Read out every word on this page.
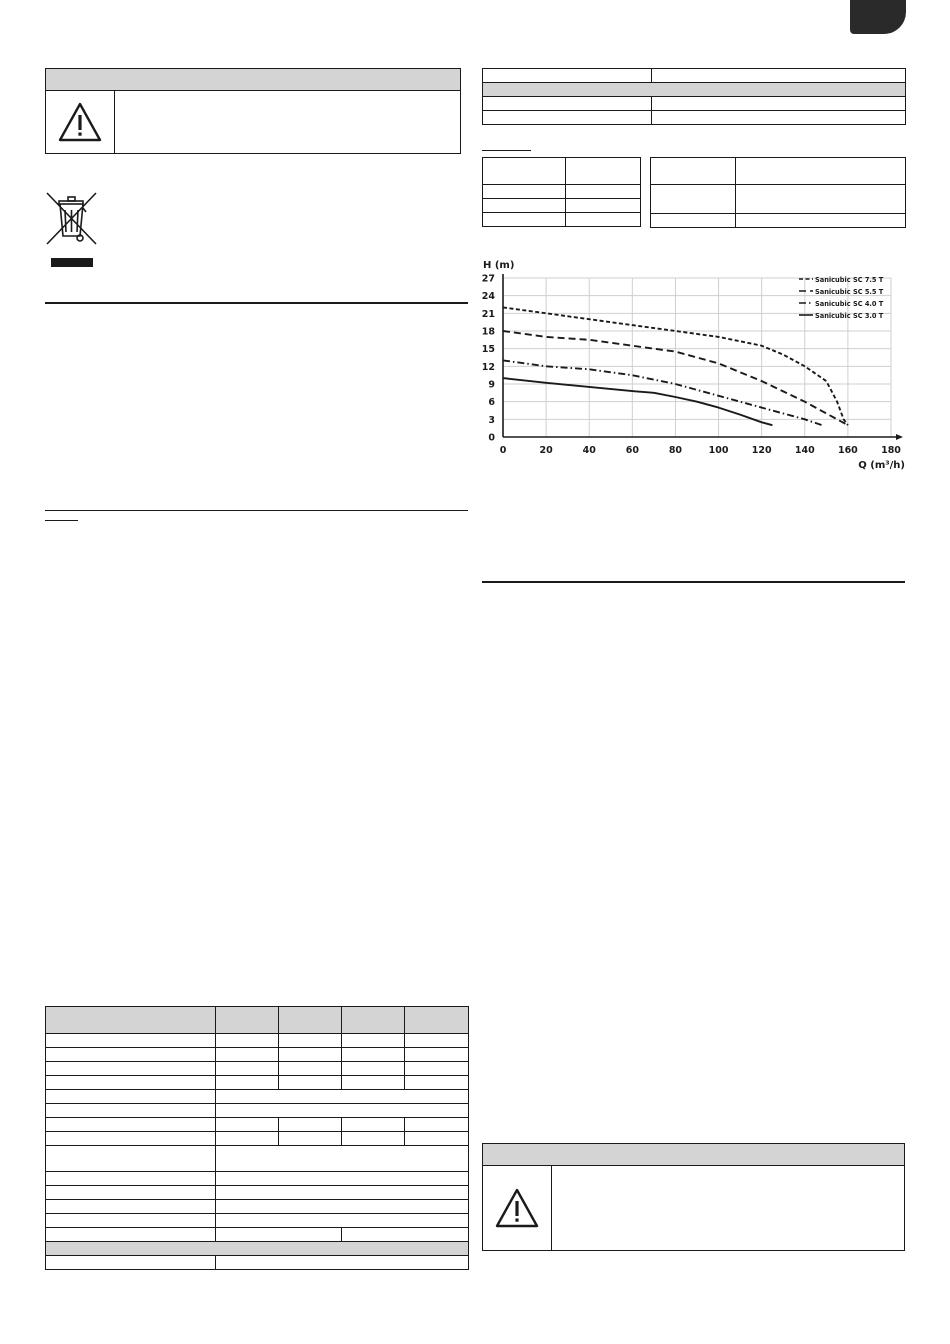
0	20	40	60	80	100 120 140 160 180
27
24
21
18
15
12
9
6
3
0
H (m)
Q (m³/h)
Sanicubic SC 7.5 T
Sanicubic SC 5.5 T
Sanicubic SC 4.0 T
Sanicubic SC 3.0 T
